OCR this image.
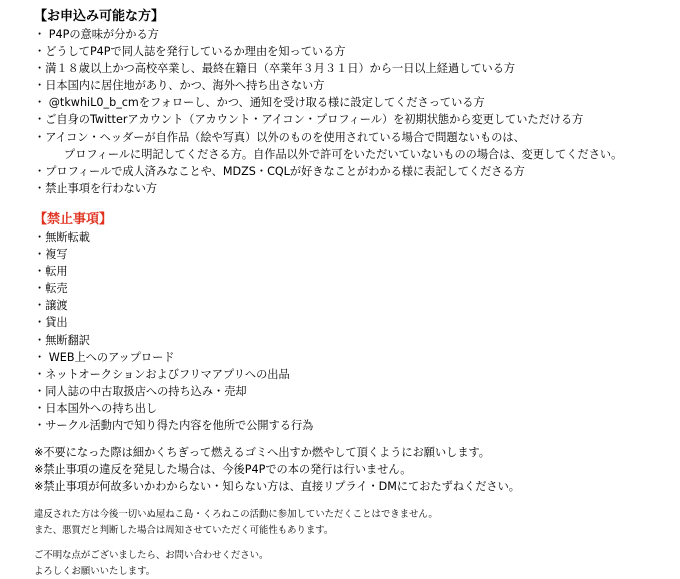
【お申込み可能な方】
・ P4Pの意味が分かる方
・どうしてP4Pで同人誌を発行しているか理由を知っている方
・満１８歳以上かつ高校卒業し、最終在籍日（卒業年３月３１日）から一日以上経過している方
・日本国内に居住地があり、かつ、海外へ持ち出さない方
・ @tkwhiL0_b_cmをフォローし、かつ、通知を受け取る様に設定してくださっている方
・ご自身のTwitterアカウント（アカウント・アイコン・プロフィール）を初期状態から変更していただける方
・アイコン・ヘッダーが自作品（絵や写真）以外のものを使用されている場合で問題ないものは、
プロフィールに明記してくださる方。自作品以外で許可をいただいていないものの場合は、変更してください。
・プロフィールで成人済みなことや、MDZS・CQLが好きなことがわかる様に表記してくださる方
・禁止事項を行わない方
【禁止事項】
・無断転載
・複写
・転用
・転売
・譲渡
・貸出
・無断翻訳
・ WEB上へのアップロード
・ネットオークションおよびフリマアプリへの出品
・同人誌の中古取扱店への持ち込み・売却
・日本国外への持ち出し
・サークル活動内で知り得た内容を他所で公開する行為
※不要になった際は細かくちぎって燃えるゴミへ出すか燃やして頂くようにお願いします。
※禁止事項の違反を発見した場合は、今後P4Pでの本の発行は行いません。
※禁止事項が何故多いかわからない・知らない方は、直接リプライ・DMにておたずねください。
違反された方は今後一切いぬ屋ねこ島・くろねこの活動に参加していただくことはできません。
また、悪質だと判断した場合は周知させていただく可能性もあります。
ご不明な点がございましたら、お問い合わせください。
よろしくお願いいたします。
